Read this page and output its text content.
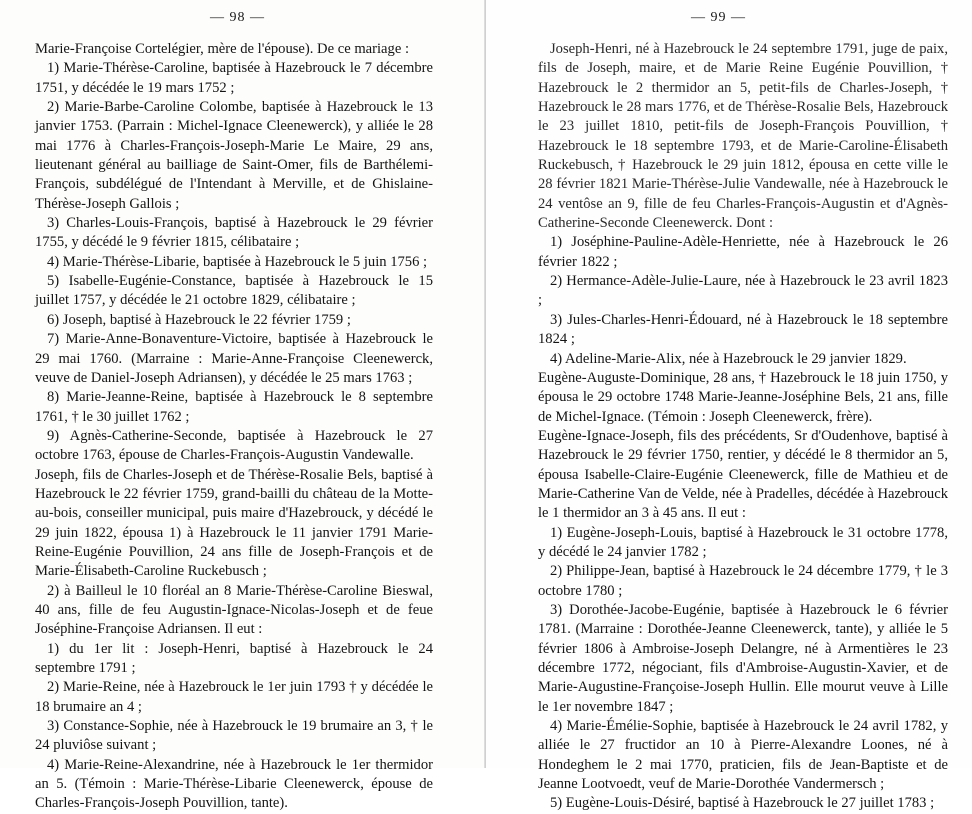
— 98 —

Marie-Françoise Cortelégier, mère de l'épouse). De ce mariage :

1) Marie-Thérèse-Caroline, baptisée à Hazebrouck le 7 décembre 1751, y décédée le 19 mars 1752 ;

2) Marie-Barbe-Caroline Colombe, baptisée à Hazebrouck le 13 janvier 1753. (Parrain : Michel-Ignace Cleenewerck), y alliée le 28 mai 1776 à Charles-François-Joseph-Marie Le Maire, 29 ans, lieutenant général au bailliage de Saint-Omer, fils de Barthélemi-François, subdélégué de l'Intendant à Merville, et de Ghislaine-Thérèse-Joseph Gallois ;

3) Charles-Louis-François, baptisé à Hazebrouck le 29 février 1755, y décédé le 9 février 1815, célibataire ;

4) Marie-Thérèse-Libarie, baptisée à Hazebrouck le 5 juin 1756 ;

5) Isabelle-Eugénie-Constance, baptisée à Hazebrouck le 15 juillet 1757, y décédée le 21 octobre 1829, célibataire ;

6) Joseph, baptisé à Hazebrouck le 22 février 1759 ;

7) Marie-Anne-Bonaventure-Victoire, baptisée à Hazebrouck le 29 mai 1760. (Marraine : Marie-Anne-Françoise Cleenewerck, veuve de Daniel-Joseph Adriansen), y décédée le 25 mars 1763 ;

8) Marie-Jeanne-Reine, baptisée à Hazebrouck le 8 septembre 1761, † le 30 juillet 1762 ;

9) Agnès-Catherine-Seconde, baptisée à Hazebrouck le 27 octobre 1763, épouse de Charles-François-Augustin Vandewalle.

Joseph, fils de Charles-Joseph et de Thérèse-Rosalie Bels, baptisé à Hazebrouck le 22 février 1759, grand-bailli du château de la Motte-au-bois, conseiller municipal, puis maire d'Hazebrouck, y décédé le 29 juin 1822, épousa 1) à Hazebrouck le 11 janvier 1791 Marie-Reine-Eugénie Pouvillion, 24 ans fille de Joseph-François et de Marie-Élisabeth-Caroline Ruckebusch ;

2) à Bailleul le 10 floréal an 8 Marie-Thérèse-Caroline Bieswal, 40 ans, fille de feu Augustin-Ignace-Nicolas-Joseph et de feue Joséphine-Françoise Adriansen. Il eut :

1) du 1er lit : Joseph-Henri, baptisé à Hazebrouck le 24 septembre 1791 ;

2) Marie-Reine, née à Hazebrouck le 1er juin 1793 † y décédée le 18 brumaire an 4 ;

3) Constance-Sophie, née à Hazebrouck le 19 brumaire an 3, † le 24 pluviôse suivant ;

4) Marie-Reine-Alexandrine, née à Hazebrouck le 1er thermidor an 5. (Témoin : Marie-Thérèse-Libarie Cleenewerck, épouse de Charles-François-Joseph Pouvillion, tante).

— 99 —

Joseph-Henri, né à Hazebrouck le 24 septembre 1791, juge de paix, fils de Joseph, maire, et de Marie Reine Eugénie Pouvillion, † Hazebrouck le 2 thermidor an 5, petit-fils de Charles-Joseph, † Hazebrouck le 28 mars 1776, et de Thérèse-Rosalie Bels, Hazebrouck le 23 juillet 1810, petit-fils de Joseph-François Pouvillion, † Hazebrouck le 18 septembre 1793, et de Marie-Caroline-Élisabeth Ruckebusch, † Hazebrouck le 29 juin 1812, épousa en cette ville le 28 février 1821 Marie-Thérèse-Julie Vandewalle, née à Hazebrouck le 24 ventôse an 9, fille de feu Charles-François-Augustin et d'Agnès-Catherine-Seconde Cleenewerck. Dont :

1) Joséphine-Pauline-Adèle-Henriette, née à Hazebrouck le 26 février 1822 ;

2) Hermance-Adèle-Julie-Laure, née à Hazebrouck le 23 avril 1823 ;

3) Jules-Charles-Henri-Édouard, né à Hazebrouck le 18 septembre 1824 ;

4) Adeline-Marie-Alix, née à Hazebrouck le 29 janvier 1829.

Eugène-Auguste-Dominique, 28 ans, † Hazebrouck le 18 juin 1750, y épousa le 29 octobre 1748 Marie-Jeanne-Joséphine Bels, 21 ans, fille de Michel-Ignace. (Témoin : Joseph Cleenewerck, frère).

Eugène-Ignace-Joseph, fils des précédents, Sr d'Oudenhove, baptisé à Hazebrouck le 29 février 1750, rentier, y décédé le 8 thermidor an 5, épousa Isabelle-Claire-Eugénie Cleenewerck, fille de Mathieu et de Marie-Catherine Van de Velde, née à Pradelles, décédée à Hazebrouck le 1 thermidor an 3 à 45 ans. Il eut :

1) Eugène-Joseph-Louis, baptisé à Hazebrouck le 31 octobre 1778, y décédé le 24 janvier 1782 ;

2) Philippe-Jean, baptisé à Hazebrouck le 24 décembre 1779, † le 3 octobre 1780 ;

3) Dorothée-Jacobe-Eugénie, baptisée à Hazebrouck le 6 février 1781. (Marraine : Dorothée-Jeanne Cleenewerck, tante), y alliée le 5 février 1806 à Ambroise-Joseph Delangre, né à Armentières le 23 décembre 1772, négociant, fils d'Ambroise-Augustin-Xavier, et de Marie-Augustine-Françoise-Joseph Hullin. Elle mourut veuve à Lille le 1er novembre 1847 ;

4) Marie-Émélie-Sophie, baptisée à Hazebrouck le 24 avril 1782, y alliée le 27 fructidor an 10 à Pierre-Alexandre Loones, né à Hondeghem le 2 mai 1770, praticien, fils de Jean-Baptiste et de Jeanne Lootvoedt, veuf de Marie-Dorothée Vandermersch ;

5) Eugène-Louis-Désiré, baptisé à Hazebrouck le 27 juillet 1783 ;
